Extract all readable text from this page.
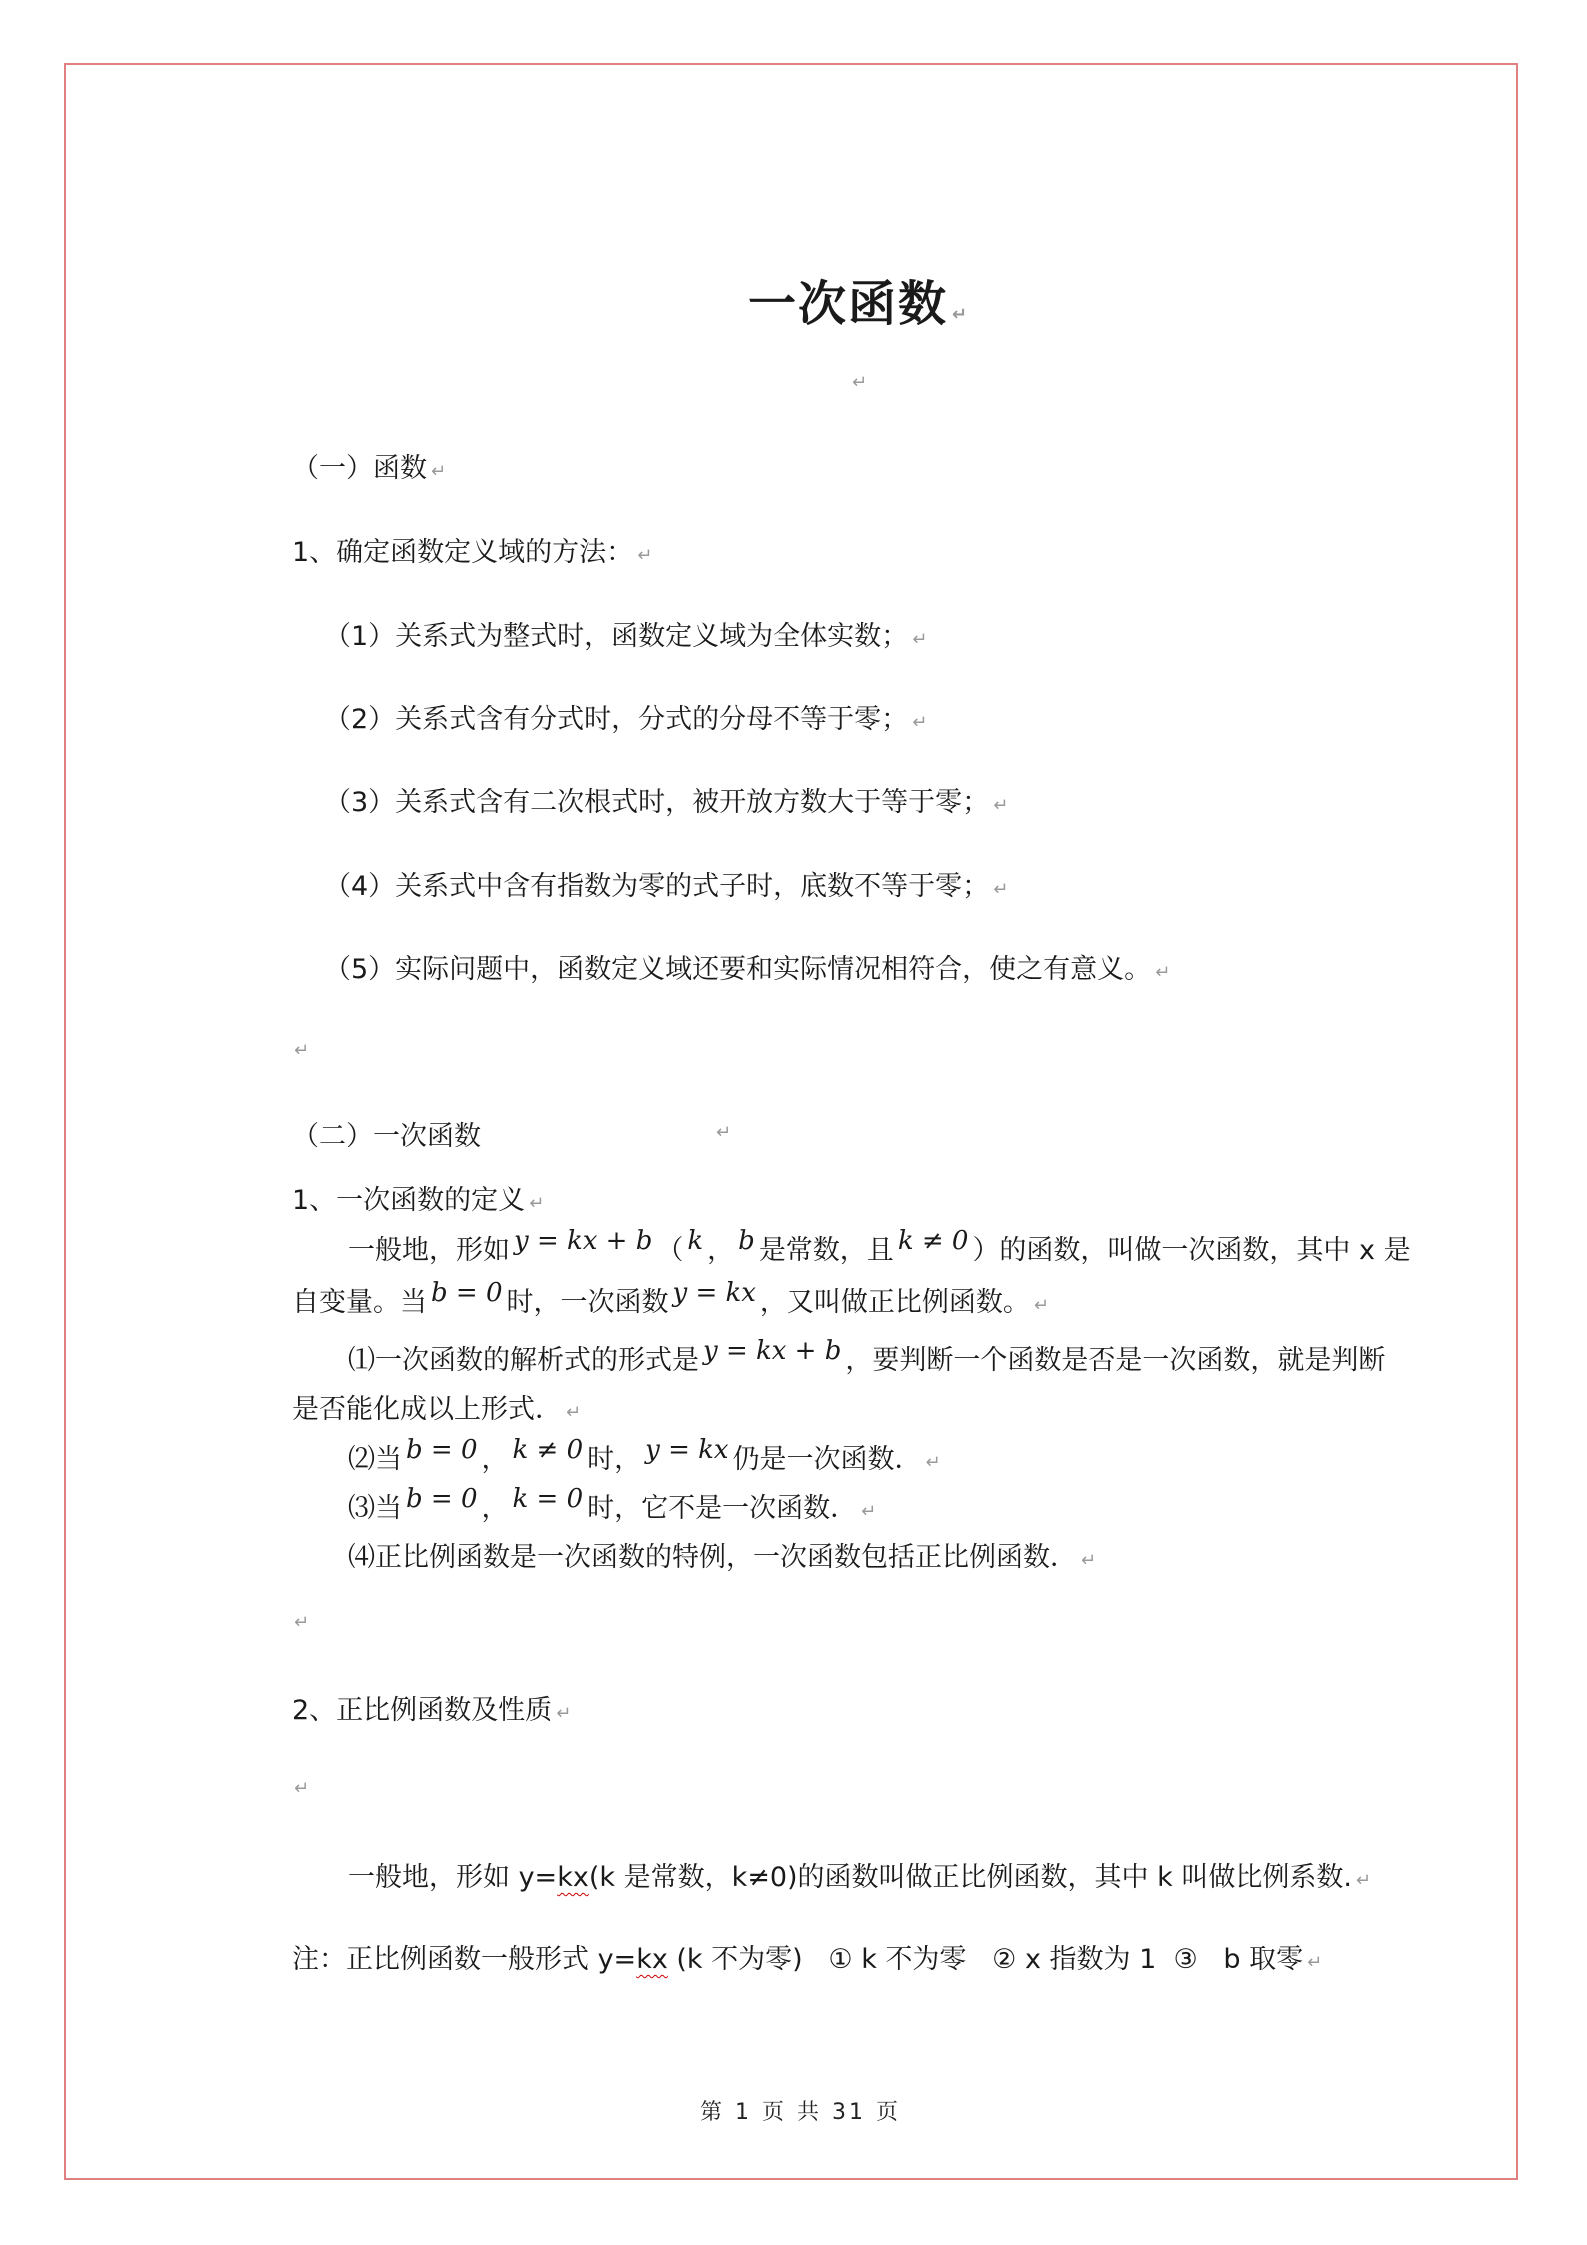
一次函数 ↵
↵
（一）函数 ↵
1、确定函数定义域的方法： ↵
（1）关系式为整式时，函数定义域为全体实数； ↵
（2）关系式含有分式时，分式的分母不等于零； ↵
（3）关系式含有二次根式时，被开放方数大于等于零； ↵
（4）关系式中含有指数为零的式子时，底数不等于零； ↵
（5）实际问题中，函数定义域还要和实际情况相符合，使之有意义。 ↵
↵
（二）一次函数	↵
1、一次函数的定义 ↵
一般地，形如 y = kx + b （ k ， b 是常数，且 k ≠ 0 ）的函数，叫做一次函数，其中 x 是
自变量。当 b = 0 时，一次函数 y = kx ，又叫做正比例函数。 ↵
⑴一次函数的解析式的形式是 y = kx + b ，要判断一个函数是否是一次函数，就是判断
是否能化成以上形式． ↵
⑵当 b = 0 ， k ≠ 0 时， y = kx 仍是一次函数． ↵
⑶当 b = 0 ， k = 0 时，它不是一次函数． ↵
⑷正比例函数是一次函数的特例，一次函数包括正比例函数． ↵
↵
2、正比例函数及性质 ↵
↵
一般地，形如 y=kx(k 是常数，k≠0)的函数叫做正比例函数，其中 k 叫做比例系数. ↵
注：正比例函数一般形式 y=kx (k 不为零)   ① k 不为零   ② x 指数为 1  ③   b 取零 ↵
第 1 页 共 31 页
